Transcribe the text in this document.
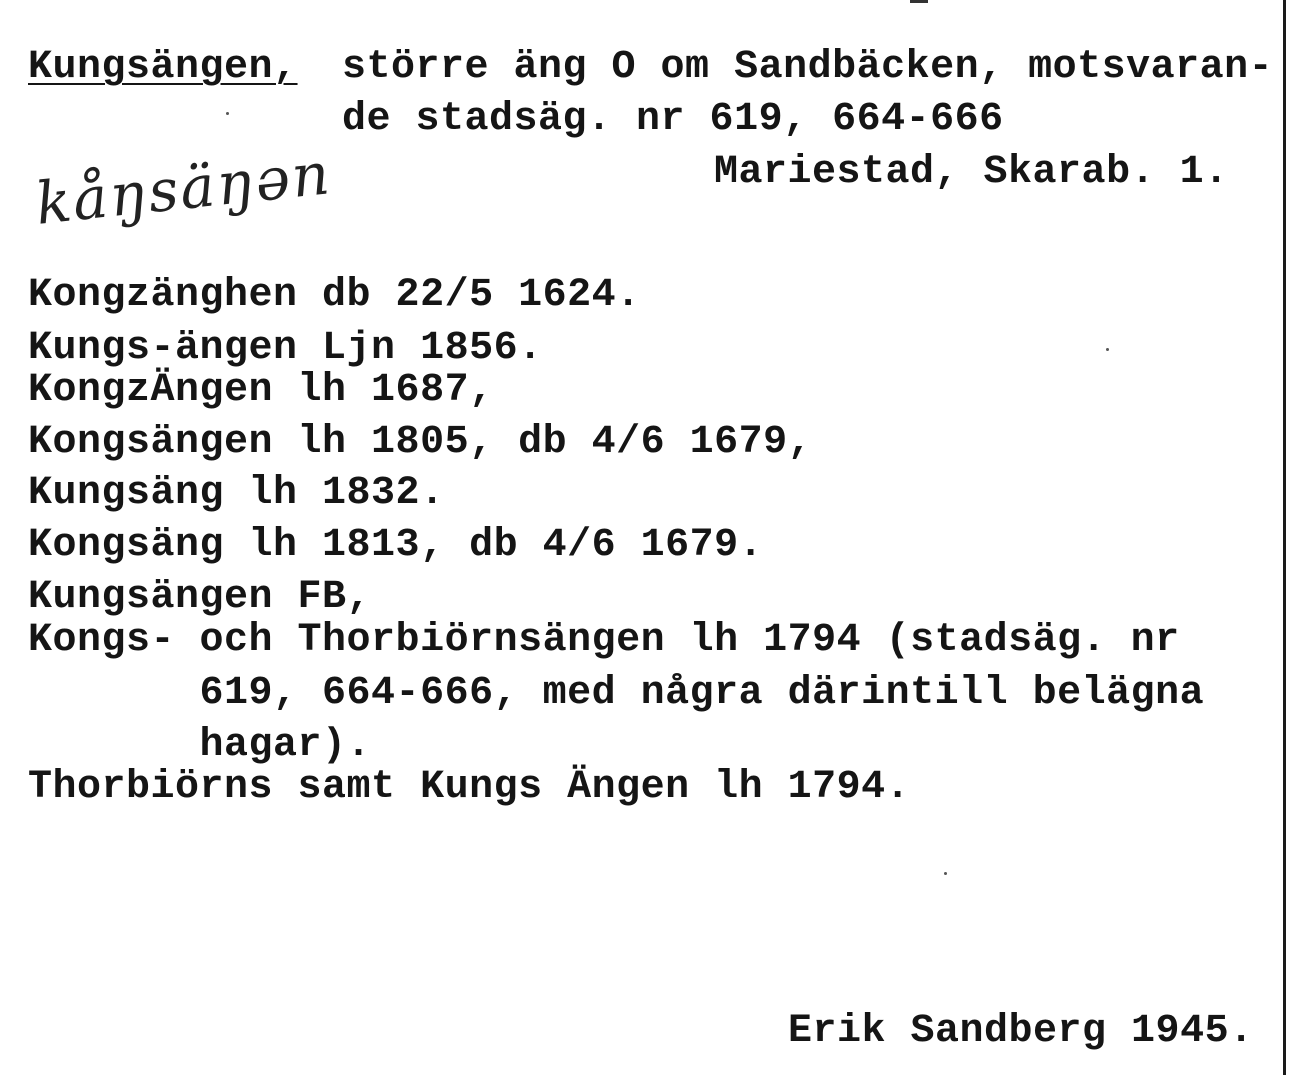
Kungsängen, större äng O om Sandbäcken, motsvaran-
de stadsäg. nr 619, 664-666
Mariestad, Skarab. 1.
kåŋsäŋən
Kongzänghen db 22/5 1624.
Kungs-ängen Ljn 1856.
KongzÄngen lh 1687,
Kongsängen lh 1805, db 4/6 1679,
Kungsäng lh 1832.
Kongsäng lh 1813, db 4/6 1679.
Kungsängen FB,
Kongs- och Thorbiörnsängen lh 1794 (stadsäg. nr
619, 664-666, med några därintill belägna
hagar).
Thorbiörns samt Kungs Ängen lh 1794.
Erik Sandberg 1945.
